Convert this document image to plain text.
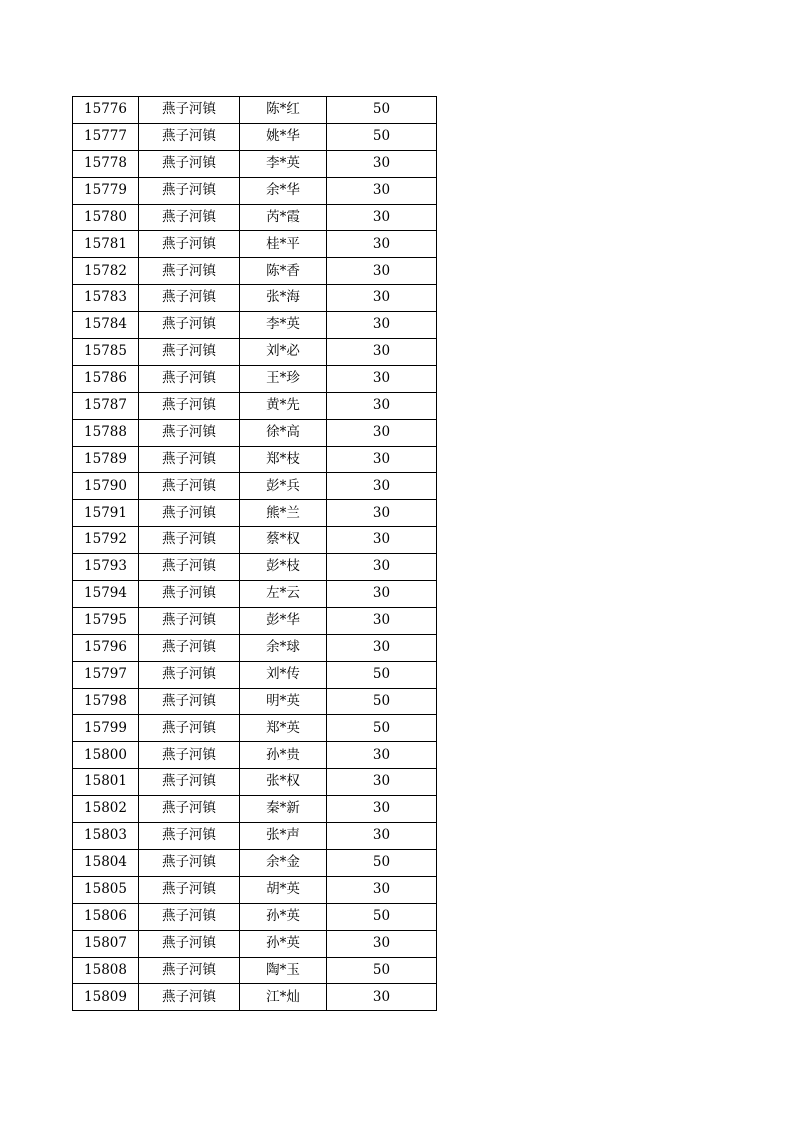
15776	燕子河镇	陈*红	50
15777	燕子河镇	姚*华	50
15778	燕子河镇	李*英	30
15779	燕子河镇	余*华	30
15780	燕子河镇	芮*霞	30
15781	燕子河镇	桂*平	30
15782	燕子河镇	陈*香	30
15783	燕子河镇	张*海	30
15784	燕子河镇	李*英	30
15785	燕子河镇	刘*必	30
15786	燕子河镇	王*珍	30
15787	燕子河镇	黄*先	30
15788	燕子河镇	徐*高	30
15789	燕子河镇	郑*枝	30
15790	燕子河镇	彭*兵	30
15791	燕子河镇	熊*兰	30
15792	燕子河镇	蔡*权	30
15793	燕子河镇	彭*枝	30
15794	燕子河镇	左*云	30
15795	燕子河镇	彭*华	30
15796	燕子河镇	余*球	30
15797	燕子河镇	刘*传	50
15798	燕子河镇	明*英	50
15799	燕子河镇	郑*英	50
15800	燕子河镇	孙*贵	30
15801	燕子河镇	张*权	30
15802	燕子河镇	秦*新	30
15803	燕子河镇	张*声	30
15804	燕子河镇	余*金	50
15805	燕子河镇	胡*英	30
15806	燕子河镇	孙*英	50
15807	燕子河镇	孙*英	30
15808	燕子河镇	陶*玉	50
15809	燕子河镇	江*灿	30
